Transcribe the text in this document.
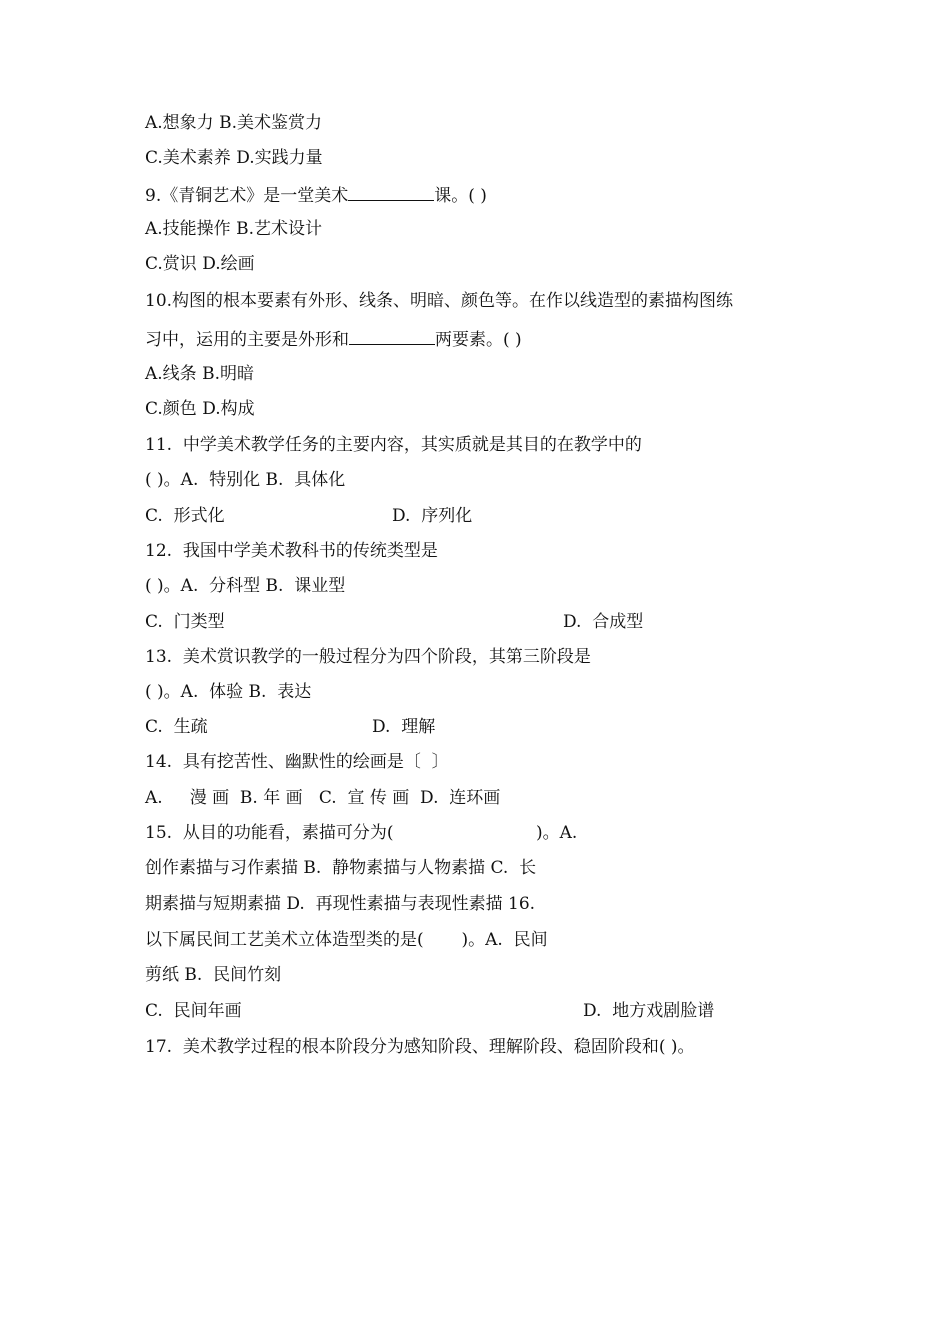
A.想象力 B.美术鉴赏力
C.美术素养 D.实践力量
9.《青铜艺术》是一堂美术	课。( )
A.技能操作 B.艺术设计
C.赏识 D.绘画
10.构图的根本要素有外形、线条、明暗、颜色等。在作以线造型的素描构图练
习中，运用的主要是外形和	两要素。( )
A.线条 B.明暗
C.颜色 D.构成
11.  中学美术教学任务的主要内容，其实质就是其目的在教学中的
( )。A.  特别化 B.  具体化
C.  形式化	D.  序列化
12.  我国中学美术教科书的传统类型是
( )。A.  分科型 B.  课业型
C.  门类型	D.  合成型
13.  美术赏识教学的一般过程分为四个阶段，其第三阶段是
( )。A.  体验 B.  表达
C.  生疏	D.  理解
14.  具有挖苦性、幽默性的绘画是〔  〕
A.     漫 画  B. 年 画   C.  宣 传 画  D.  连环画
15.  从目的功能看，素描可分为(	)。A.
创作素描与习作素描 B.  静物素描与人物素描 C.  长
期素描与短期素描 D.  再现性素描与表现性素描 16.
以下属民间工艺美术立体造型类的是(       )。A.  民间
剪纸 B.  民间竹刻
C.  民间年画	D.  地方戏剧脸谱
17.  美术教学过程的根本阶段分为感知阶段、理解阶段、稳固阶段和( )。
